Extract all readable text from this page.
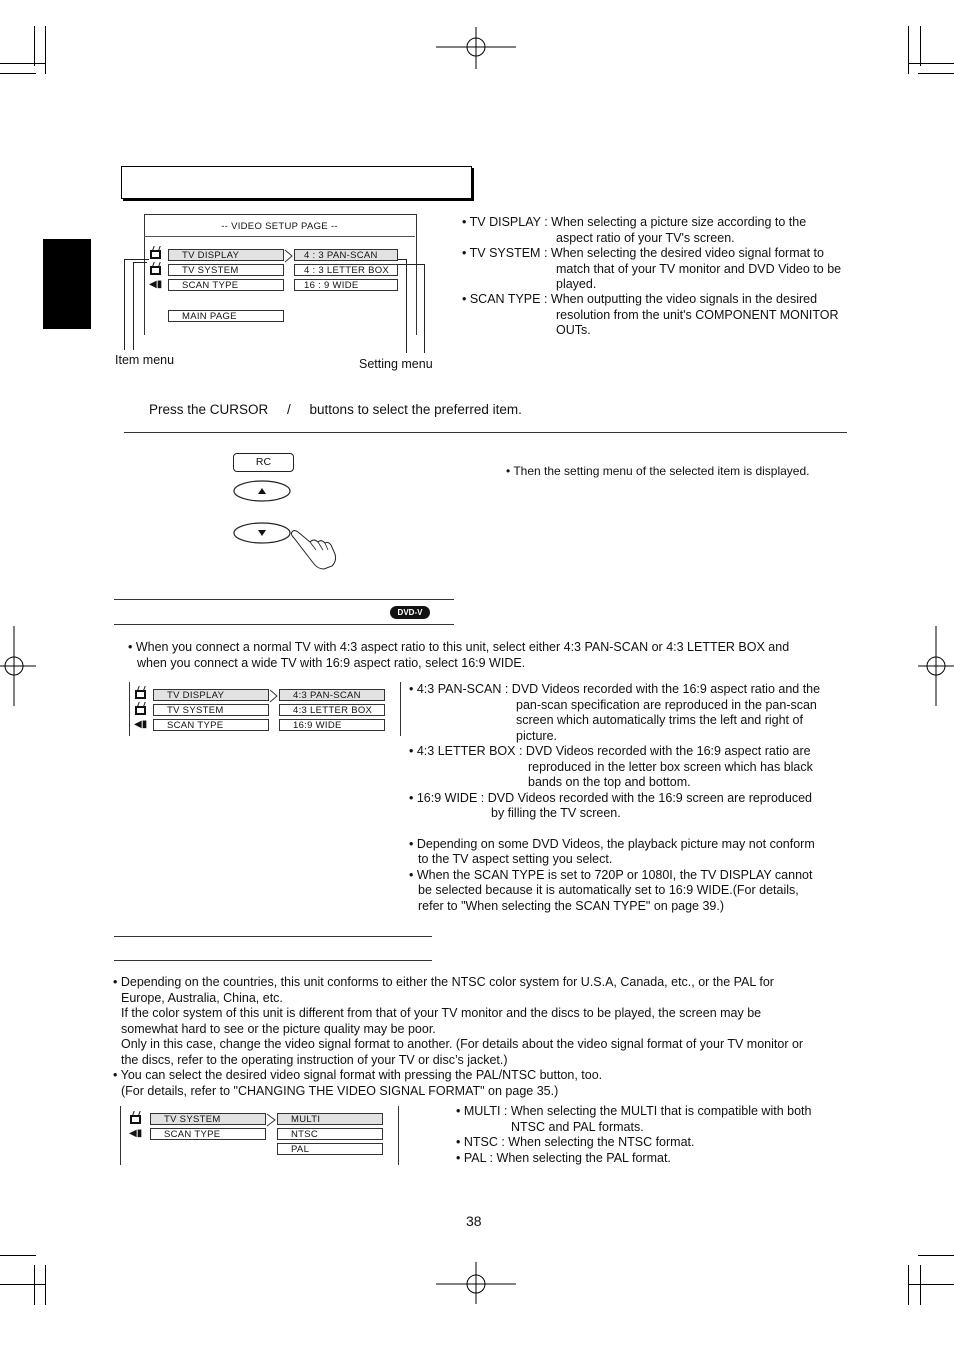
-- VIDEO SETUP PAGE --
◀▮
TV DISPLAY
TV SYSTEM
SCAN TYPE
4 : 3 PAN-SCAN
4 : 3 LETTER BOX
16 : 9 WIDE
MAIN PAGE
Item menu	Setting menu
• TV DISPLAY : When selecting a picture size according to the
aspect ratio of your TV's screen.
• TV SYSTEM : When selecting the desired video signal format to
match that of your TV monitor and DVD Video to be
played.
• SCAN TYPE : When outputting the video signals in the desired
resolution from the unit's COMPONENT MONITOR
OUTs.
Press the CURSOR     /     buttons to select the preferred item.
RC
• Then the setting menu of the selected item is displayed.
DVD-V
• When you connect a normal TV with 4:3 aspect ratio to this unit, select either 4:3 PAN-SCAN or 4:3 LETTER BOX and
when you connect a wide TV with 16:9 aspect ratio, select 16:9 WIDE.
◀▮
TV DISPLAY
TV SYSTEM
SCAN TYPE
4:3 PAN-SCAN
4:3 LETTER BOX
16:9 WIDE
• 4:3 PAN-SCAN : DVD Videos recorded with the 16:9 aspect ratio and the
pan-scan specification are reproduced in the pan-scan
screen which automatically trims the left and right of
picture.
• 4:3 LETTER BOX : DVD Videos recorded with the 16:9 aspect ratio are
reproduced in the letter box screen which has black
bands on the top and bottom.
• 16:9 WIDE : DVD Videos recorded with the 16:9 screen are reproduced
by filling the TV screen.
• Depending on some DVD Videos, the playback picture may not conform
to the TV aspect setting you select.
• When the SCAN TYPE is set to 720P or 1080I, the TV DISPLAY cannot
be selected because it is automatically set to 16:9 WIDE.(For details,
refer to "When selecting the SCAN TYPE" on page 39.)
• Depending on the countries, this unit conforms to either the NTSC color system for U.S.A, Canada, etc., or the PAL for
Europe, Australia, China, etc.
If the color system of this unit is different from that of your TV monitor and the discs to be played, the screen may be
somewhat hard to see or the picture quality may be poor.
Only in this case, change the video signal format to another. (For details about the video signal format of your TV monitor or
the discs, refer to the operating instruction of your TV or disc’s jacket.)
• You can select the desired video signal format with pressing the PAL/NTSC button, too.
(For details, refer to "CHANGING THE VIDEO SIGNAL FORMAT" on page 35.)
◀▮
TV SYSTEM
SCAN TYPE
MULTI
NTSC
PAL
• MULTI : When selecting the MULTI that is compatible with both
NTSC and PAL formats.
• NTSC : When selecting the NTSC format.
• PAL : When selecting the PAL format.
38
